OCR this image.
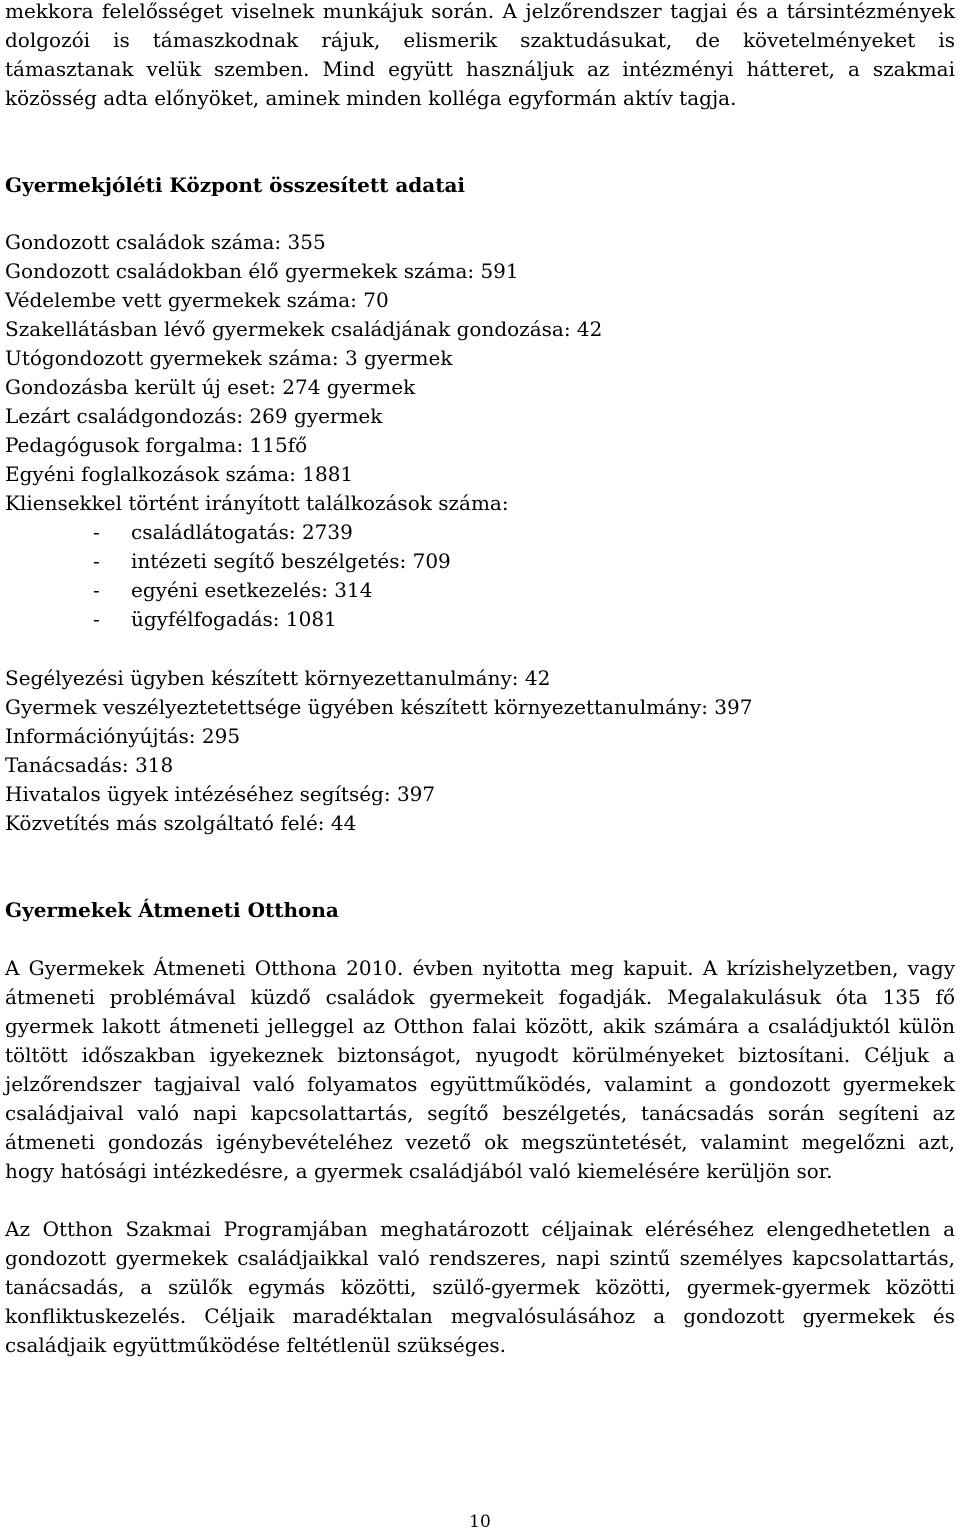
mekkora felelősséget viselnek munkájuk során. A jelzőrendszer tagjai és a társintézmények dolgozói is támaszkodnak rájuk, elismerik szaktudásukat, de követelményeket is támasztanak velük szemben. Mind együtt használjuk az intézményi hátteret, a szakmai közösség adta előnyöket, aminek minden kolléga egyformán aktív tagja.

Gyermekjóléti Központ összesített adatai

Gondozott családok száma: 355

Gondozott családokban élő gyermekek száma: 591

Védelembe vett gyermekek száma: 70

Szakellátásban lévő gyermekek családjának gondozása: 42

Utógondozott gyermekek száma: 3 gyermek

Gondozásba került új eset: 274 gyermek

Lezárt családgondozás: 269 gyermek

Pedagógusok forgalma: 115fő

Egyéni foglalkozások száma: 1881

Kliensekkel történt irányított találkozások száma:

- családlátogatás: 2739

- intézeti segítő beszélgetés: 709

- egyéni esetkezelés: 314

- ügyfélfogadás: 1081

Segélyezési ügyben készített környezettanulmány: 42

Gyermek veszélyeztetettsége ügyében készített környezettanulmány: 397

Információnyújtás: 295

Tanácsadás: 318

Hivatalos ügyek intézéséhez segítség: 397

Közvetítés más szolgáltató felé: 44

Gyermekek Átmeneti Otthona

A Gyermekek Átmeneti Otthona 2010. évben nyitotta meg kapuit. A krízishelyzetben, vagy átmeneti problémával küzdő családok gyermekeit fogadják. Megalakulásuk óta 135 fő gyermek lakott átmeneti jelleggel az Otthon falai között, akik számára a családjuktól külön töltött időszakban igyekeznek biztonságot, nyugodt körülményeket biztosítani. Céljuk a jelzőrendszer tagjaival való folyamatos együttműködés, valamint a gondozott gyermekek családjaival való napi kapcsolattartás, segítő beszélgetés, tanácsadás során segíteni az átmeneti gondozás igénybevételéhez vezető ok megszüntetését, valamint megelőzni azt, hogy hatósági intézkedésre, a gyermek családjából való kiemelésére kerüljön sor.

Az Otthon Szakmai Programjában meghatározott céljainak eléréséhez elengedhetetlen a gondozott gyermekek családjaikkal való rendszeres, napi szintű személyes kapcsolattartás, tanácsadás, a szülők egymás közötti, szülő-gyermek közötti, gyermek-gyermek közötti konfliktuskezelés. Céljaik maradéktalan megvalósulásához a gondozott gyermekek és családjaik együttműködése feltétlenül szükséges.

10
